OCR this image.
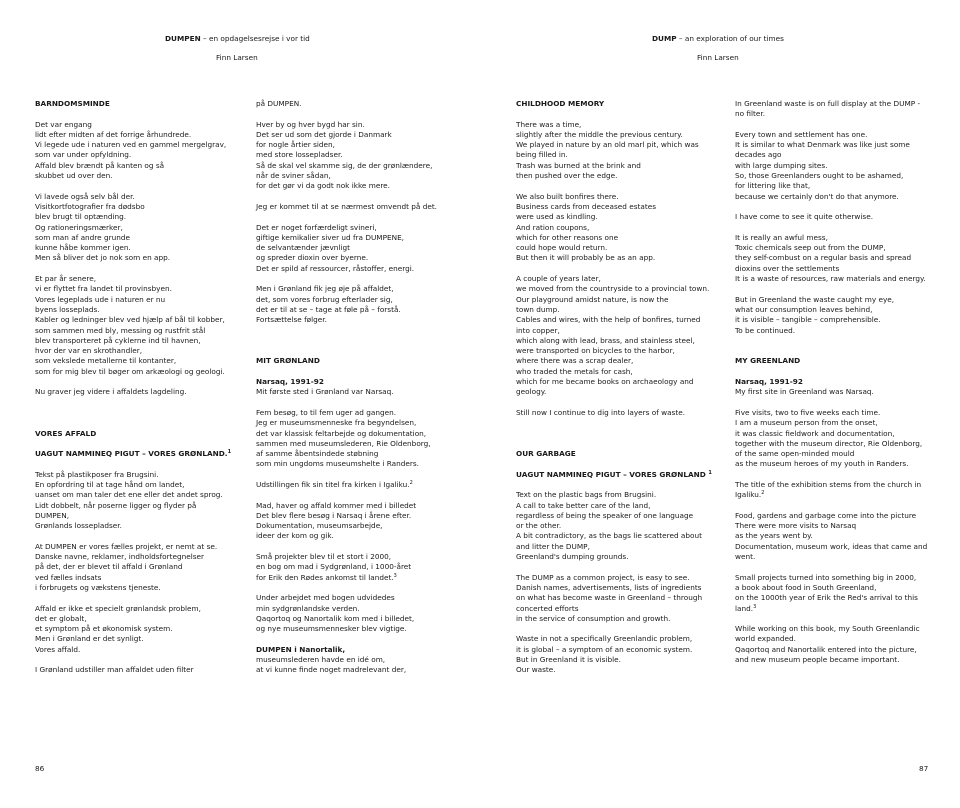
DUMPEN – en opdagelsesrejse i vor tid
Finn Larsen
BARNDOMSMINDE
Det var engang
lidt efter midten af det forrige århundrede.
Vi legede ude i naturen ved en gammel mergelgrav,
som var under opfyldning.
Affald blev brændt på kanten og så
skubbet ud over den.
Vi lavede også selv bål der.
Visitkortfotografier fra dødsbo
blev brugt til optænding.
Og rationeringsmærker,
som man af andre grunde
kunne håbe kommer igen.
Men så bliver det jo nok som en app.
Et par år senere,
vi er flyttet fra landet til provinsbyen.
Vores legeplads ude i naturen er nu
byens losseplads.
Kabler og ledninger blev ved hjælp af bål til kobber,
som sammen med bly, messing og rustfrit stål
blev transporteret på cyklerne ind til havnen,
hvor der var en skrothandler,
som vekslede metallerne til kontanter,
som for mig blev til bøger om arkæologi og geologi.
Nu graver jeg videre i affaldets lagdeling.
VORES AFFALD
UAGUT NAMMINEQ PIGUT – VORES GRØNLAND.$^1$
Tekst på plastikposer fra Brugsini.
En opfordring til at tage hånd om landet,
uanset om man taler det ene eller det andet sprog.
Lidt dobbelt, når poserne ligger og flyder på
DUMPEN,
Grønlands lossepladser.
At DUMPEN er vores fælles projekt, er nemt at se.
Danske navne, reklamer, indholdsfortegnelser
på det, der er blevet til affald i Grønland
ved fælles indsats
i forbrugets og vækstens tjeneste.
Affald er ikke et specielt grønlandsk problem,
det er globalt,
et symptom på et økonomisk system.
Men i Grønland er det synligt.
Vores affald.
I Grønland udstiller man affaldet uden filter
på DUMPEN.
Hver by og hver bygd har sin.
Det ser ud som det gjorde i Danmark
for nogle årtier siden,
med store lossepladser.
Så de skal vel skamme sig, de der grønlændere,
når de sviner sådan,
for det gør vi da godt nok ikke mere.
Jeg er kommet til at se nærmest omvendt på det.
Det er noget forfærdeligt svineri,
giftige kemikalier siver ud fra DUMPENE,
de selvantænder jævnligt
og spreder dioxin over byerne.
Det er spild af ressourcer, råstoffer, energi.
Men i Grønland fik jeg øje på affaldet,
det, som vores forbrug efterlader sig,
det er til at se – tage at føle på – forstå.
Fortsættelse følger.
MIT GRØNLAND
Narsaq, 1991-92
Mit første sted i Grønland var Narsaq.
Fem besøg, to til fem uger ad gangen.
Jeg er museumsmenneske fra begyndelsen,
det var klassisk feltarbejde og dokumentation,
sammen med museumslederen, Rie Oldenborg,
af samme åbentsindede støbning
som min ungdoms museumshelte i Randers.
Udstillingen fik sin titel fra kirken i Igaliku.$^2$
Mad, haver og affald kommer med i billedet
Det blev flere besøg i Narsaq i årene efter.
Dokumentation, museumsarbejde,
ideer der kom og gik.
Små projekter blev til et stort i 2000,
en bog om mad i Sydgrønland, i 1000-året
for Erik den Rødes ankomst til landet.$^3$
Under arbejdet med bogen udvidedes
min sydgrønlandske verden.
Qaqortoq og Nanortalik kom med i billedet,
og nye museumsmennesker blev vigtige.
DUMPEN i Nanortalik,
museumslederen havde en idé om,
at vi kunne finde noget madrelevant der,
86
DUMP – an exploration of our times
Finn Larsen
CHILDHOOD MEMORY
There was a time,
slightly after the middle the previous century.
We played in nature by an old marl pit, which was
being filled in.
Trash was burned at the brink and
then pushed over the edge.
We also built bonfires there.
Business cards from deceased estates
were used as kindling.
And ration coupons,
which for other reasons one
could hope would return.
But then it will probably be as an app.
A couple of years later,
we moved from the countryside to a provincial town.
Our playground amidst nature, is now the
town dump.
Cables and wires, with the help of bonfires, turned
into copper,
which along with lead, brass, and stainless steel,
were transported on bicycles to the harbor,
where there was a scrap dealer,
who traded the metals for cash,
which for me became books on archaeology and
geology.
Still now I continue to dig into layers of waste.
OUR GARBAGE
UAGUT NAMMINEQ PIGUT – VORES GRØNLAND $^1$
Text on the plastic bags from Brugsini.
A call to take better care of the land,
regardless of being the speaker of one language
or the other.
A bit contradictory, as the bags lie scattered about
and litter the DUMP,
Greenland's dumping grounds.
The DUMP as a common project, is easy to see.
Danish names, advertisements, lists of ingredients
on what has become waste in Greenland – through
concerted efforts
in the service of consumption and growth.
Waste in not a specifically Greenlandic problem,
it is global – a symptom of an economic system.
But in Greenland it is visible.
Our waste.
In Greenland waste is on full display at the DUMP -
no filter.
Every town and settlement has one.
It is similar to what Denmark was like just some
decades ago
with large dumping sites.
So, those Greenlanders ought to be ashamed,
for littering like that,
because we certainly don't do that anymore.
I have come to see it quite otherwise.
It is really an awful mess,
Toxic chemicals seep out from the DUMP,
they self-combust on a regular basis and spread
dioxins over the settlements
It is a waste of resources, raw materials and energy.
But in Greenland the waste caught my eye,
what our consumption leaves behind,
it is visible – tangible – comprehensible.
To be continued.
MY GREENLAND
Narsaq, 1991-92
My first site in Greenland was Narsaq.
Five visits, two to five weeks each time.
I am a museum person from the onset,
it was classic fieldwork and documentation,
together with the museum director, Rie Oldenborg,
of the same open-minded mould
as the museum heroes of my youth in Randers.
The title of the exhibition stems from the church in
Igaliku.$^2$
Food, gardens and garbage come into the picture
There were more visits to Narsaq
as the years went by.
Documentation, museum work, ideas that came and
went.
Small projects turned into something big in 2000,
a book about food in South Greenland,
on the 1000th year of Erik the Red's arrival to this
land.$^3$
While working on this book, my South Greenlandic
world expanded.
Qaqortoq and Nanortalik entered into the picture,
and new museum people became important.
87
